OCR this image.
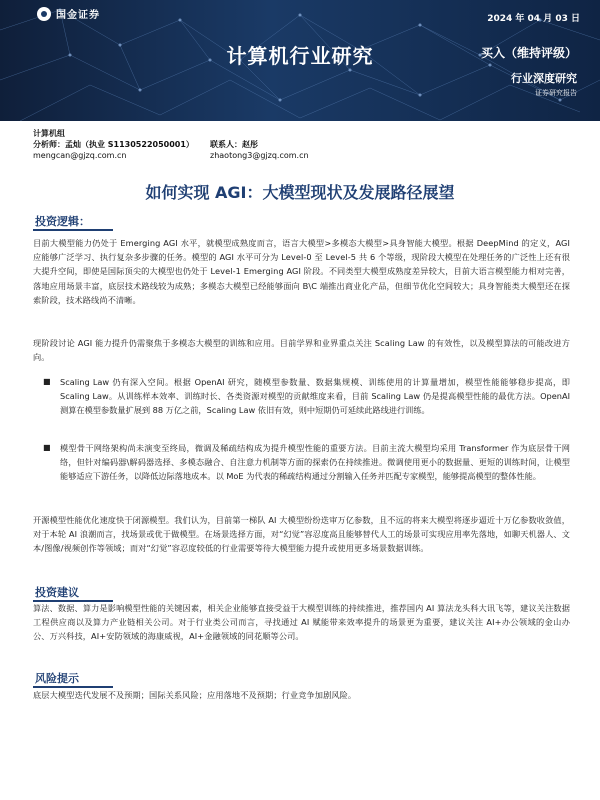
国金证券	2024 年 04 月 03 日
计算机行业研究	买入（维持评级）
行业深度研究
证券研究报告
计算机组
分析师：孟灿（执业 S1130522050001）
mengcan@gjzq.com.cn
联系人：赵彤
zhaotong3@gjzq.com.cn
如何实现 AGI：大模型现状及发展路径展望
投资逻辑：
目前大模型能力仍处于 Emerging AGI 水平，就模型成熟度而言，语言大模型>多模态大模型>具身智能大模型。根据 DeepMind 的定义，AGI 应能够广泛学习、执行复杂多步骤的任务。模型的 AGI 水平可分为 Level-0 至 Level-5 共 6 个等级，现阶段大模型在处理任务的广泛性上还有很大提升空间，即使是国际顶尖的大模型也仍处于 Level-1 Emerging AGI 阶段。不同类型大模型成熟度差异较大，目前大语言模型能力相对完善，落地应用场景丰富，底层技术路线较为成熟；多模态大模型已经能够面向 B\C 端推出商业化产品，但细节优化空间较大；具身智能类大模型还在探索阶段，技术路线尚不清晰。
现阶段讨论 AGI 能力提升仍需聚焦于多模态大模型的训练和应用。目前学界和业界重点关注 Scaling Law 的有效性，以及模型算法的可能改进方向。
■ Scaling Law 仍有深入空间。根据 OpenAI 研究，随模型参数量、数据集规模、训练使用的计算量增加，模型性能能够稳步提高，即 Scaling Law。从训练样本效率、训练时长、各类资源对模型的贡献维度来看，目前 Scaling Law 仍是提高模型性能的最优方法。OpenAI 测算在模型参数量扩展到 88 万亿之前，Scaling Law 依旧有效，则中短期仍可延续此路线进行训练。
■ 模型骨干网络架构尚未演变至终局，微调及稀疏结构成为提升模型性能的重要方法。目前主流大模型均采用 Transformer 作为底层骨干网络，但针对编码器\解码器选择、多模态融合、自注意力机制等方面的探索仍在持续推进。微调使用更小的数据量、更短的训练时间，让模型能够适应下游任务，以降低边际落地成本。以 MoE 为代表的稀疏结构通过分割输入任务并匹配专家模型，能够提高模型的整体性能。
开源模型性能优化速度快于闭源模型。我们认为，目前第一梯队 AI 大模型纷纷迭审万亿参数，且不远的将来大模型将逐步逼近十万亿参数收敛值，对于本轮 AI 浪潮而言，找场景或优于做模型。在场景选择方面，对“幻觉”容忍度高且能够替代人工的场景可实现应用率先落地，如聊天机器人、文本/图像/视频创作等领域；而对“幻觉”容忍度较低的行业需要等待大模型能力提升或使用更多场景数据训练。
投资建议
算法、数据、算力是影响模型性能的关键因素，相关企业能够直接受益于大模型训练的持续推进，推荐国内 AI 算法龙头科大讯飞等，建议关注数据工程供应商以及算力产业链相关公司。对于行业类公司而言，寻找通过 AI 赋能带来效率提升的场景更为重要，建议关注 AI+办公领域的金山办公、万兴科技，AI+安防领域的海康威视，AI+金融领域的同花顺等公司。
风险提示
底层大模型迭代发展不及预期；国际关系风险；应用落地不及预期；行业竞争加剧风险。
